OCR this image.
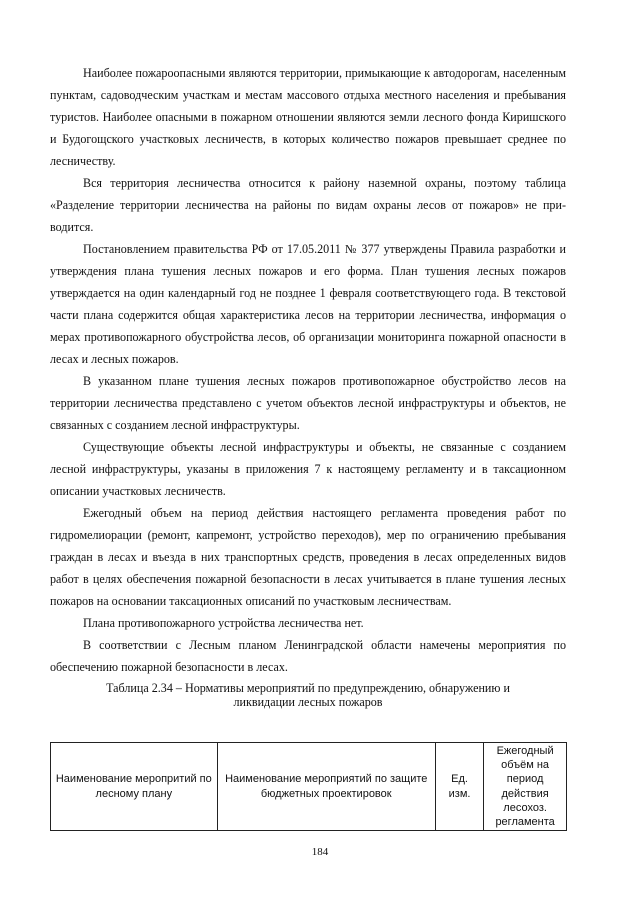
Наиболее пожароопасными являются территории, примыкающие к автодорогам, населенным пунктам, садоводческим участкам и местам массового отдыха местного населения и пребывания туристов. Наиболее опасными в пожарном отношении являются земли лесного фонда Киришского и Будогощского участковых лесничеств, в которых количество пожаров превышает среднее по лесничеству.

Вся территория лесничества относится к району наземной охраны, поэтому таблица «Разделение территории лесничества на районы по видам охраны лесов от пожаров» не приводится.

Постановлением правительства РФ от 17.05.2011 № 377 утверждены Правила разработки и утверждения плана тушения лесных пожаров и его форма. План тушения лесных пожаров утверждается на один календарный год не позднее 1 февраля соответствующего года. В текстовой части плана содержится общая характеристика лесов на территории лесничества, информация о мерах противопожарного обустройства лесов, об организации мониторинга пожарной опасности в лесах и лесных пожаров.

В указанном плане тушения лесных пожаров противопожарное обустройство лесов на территории лесничества представлено с учетом объектов лесной инфраструктуры и объектов, не связанных с созданием лесной инфраструктуры.

Существующие объекты лесной инфраструктуры и объекты, не связанные с созданием лесной инфраструктуры, указаны в приложения 7 к настоящему регламенту и в таксационном описании участковых лесничеств.

Ежегодный объем на период действия настоящего регламента проведения работ по гидромелиорации (ремонт, капремонт, устройство переходов), мер по ограничению пребывания граждан в лесах и въезда в них транспортных средств, проведения в лесах определенных видов работ в целях обеспечения пожарной безопасности в лесах учитывается в плане тушения лесных пожаров на основании таксационных описаний по участковым лесничествам.

Плана противопожарного устройства лесничества нет.

В соответствии с Лесным планом Ленинградской области намечены мероприятия по обеспечению пожарной безопасности в лесах.

Таблица 2.34 – Нормативы мероприятий по предупреждению, обнаружению и
ликвидации лесных пожаров

Наименование меропритий по лесному плану	Наименование мероприятий по защите бюджетных проектировок	Ед. изм.	Ежегодный объём на период действия лесохоз. регламента
184
